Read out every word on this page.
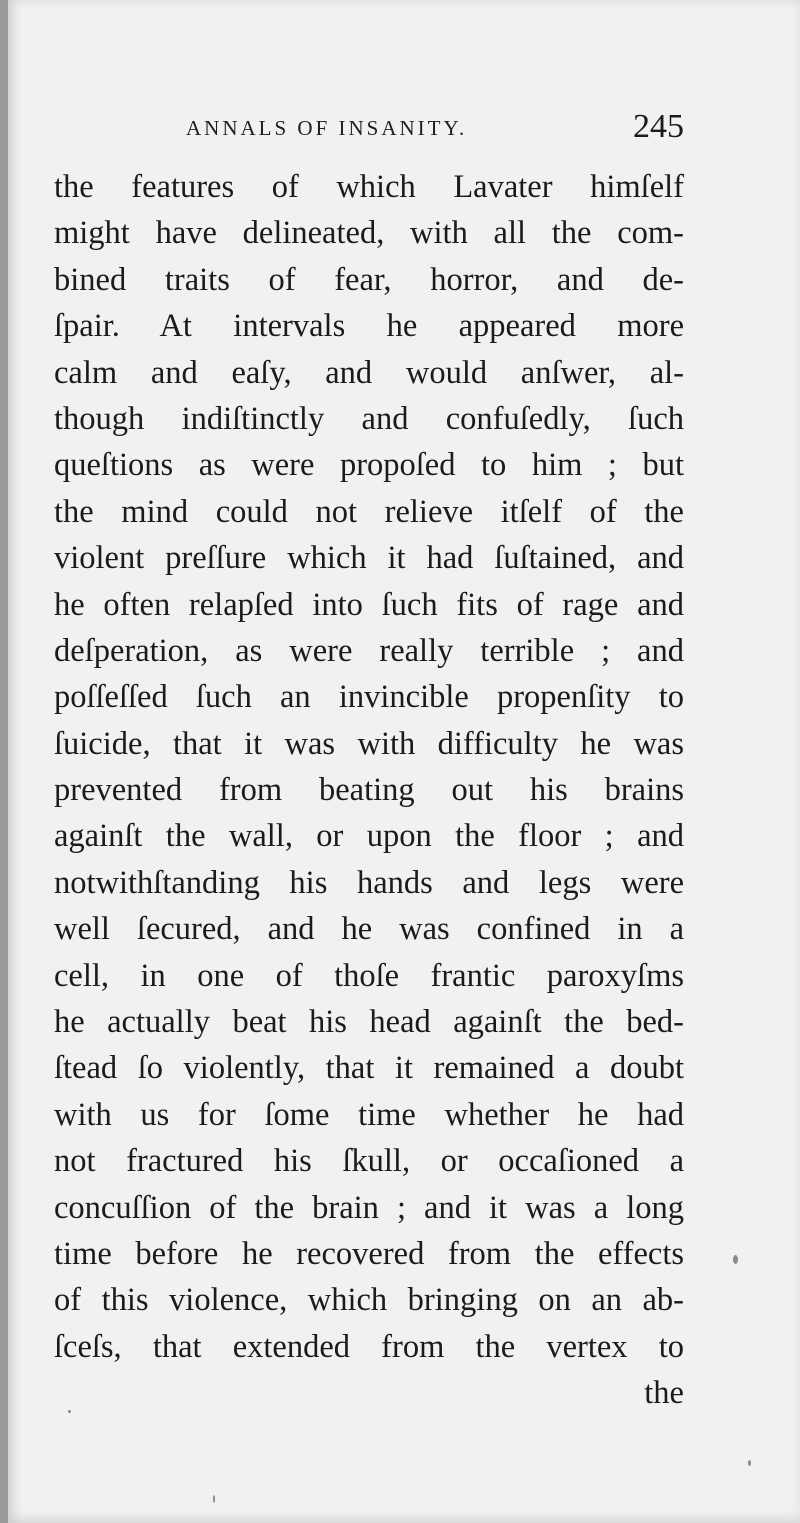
ANNALS OF INSANITY.	245
the features of which Lavater himſelf
might have delineated, with all the com-
bined traits of fear, horror, and de-
ſpair. At intervals he appeared more
calm and eaſy, and would anſwer, al-
though indiſtinctly and confuſedly, ſuch
queſtions as were propoſed to him ; but
the mind could not relieve itſelf of the
violent preſſure which it had ſuſtained, and
he often relapſed into ſuch fits of rage and
deſperation, as were really terrible ; and
poſſeſſed ſuch an invincible propenſity to
ſuicide, that it was with difficulty he was
prevented from beating out his brains
againſt the wall, or upon the floor ; and
notwithſtanding his hands and legs were
well ſecured, and he was confined in a
cell, in one of thoſe frantic paroxyſms
he actually beat his head againſt the bed-
ſtead ſo violently, that it remained a doubt
with us for ſome time whether he had
not fractured his ſkull, or occaſioned a
concuſſion of the brain ; and it was a long
time before he recovered from the effects
of this violence, which bringing on an ab-
ſceſs, that extended from the vertex to
the
